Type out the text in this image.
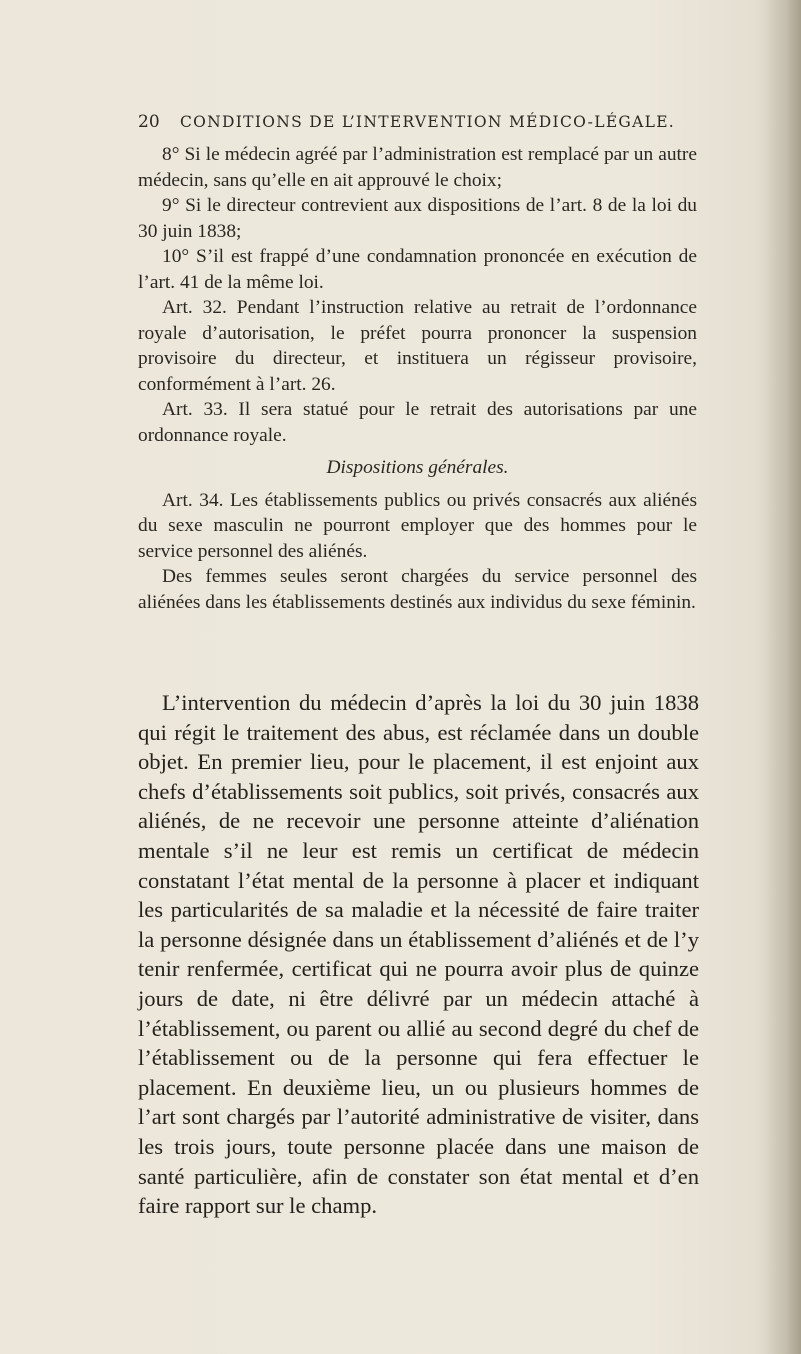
20 CONDITIONS DE L’INTERVENTION MÉDICO-LÉGALE.

8° Si le médecin agréé par l’administration est remplacé par un autre médecin, sans qu’elle en ait approuvé le choix;

9° Si le directeur contrevient aux dispositions de l’art. 8 de la loi du 30 juin 1838;

10° S’il est frappé d’une condamnation prononcée en exécution de l’art. 41 de la même loi.

Art. 32. Pendant l’instruction relative au retrait de l’ordonnance royale d’autorisation, le préfet pourra prononcer la suspension provisoire du directeur, et instituera un régisseur provisoire, conformément à l’art. 26.

Art. 33. Il sera statué pour le retrait des autorisations par une ordonnance royale.

Dispositions générales.

Art. 34. Les établissements publics ou privés consacrés aux aliénés du sexe masculin ne pourront employer que des hommes pour le service personnel des aliénés.

Des femmes seules seront chargées du service personnel des aliénées dans les établissements destinés aux individus du sexe féminin.

L’intervention du médecin d’après la loi du 30 juin 1838 qui régit le traitement des abus, est réclamée dans un double objet. En premier lieu, pour le placement, il est enjoint aux chefs d’établissements soit publics, soit privés, consacrés aux aliénés, de ne recevoir une personne atteinte d’aliénation mentale s’il ne leur est remis un certificat de médecin constatant l’état mental de la personne à placer et indiquant les particularités de sa maladie et la nécessité de faire traiter la personne désignée dans un établissement d’aliénés et de l’y tenir renfermée, certificat qui ne pourra avoir plus de quinze jours de date, ni être délivré par un médecin attaché à l’établissement, ou parent ou allié au second degré du chef de l’établissement ou de la personne qui fera effectuer le placement. En deuxième lieu, un ou plusieurs hommes de l’art sont chargés par l’autorité administrative de visiter, dans les trois jours, toute personne placée dans une maison de santé particulière, afin de constater son état mental et d’en faire rapport sur le champ.
